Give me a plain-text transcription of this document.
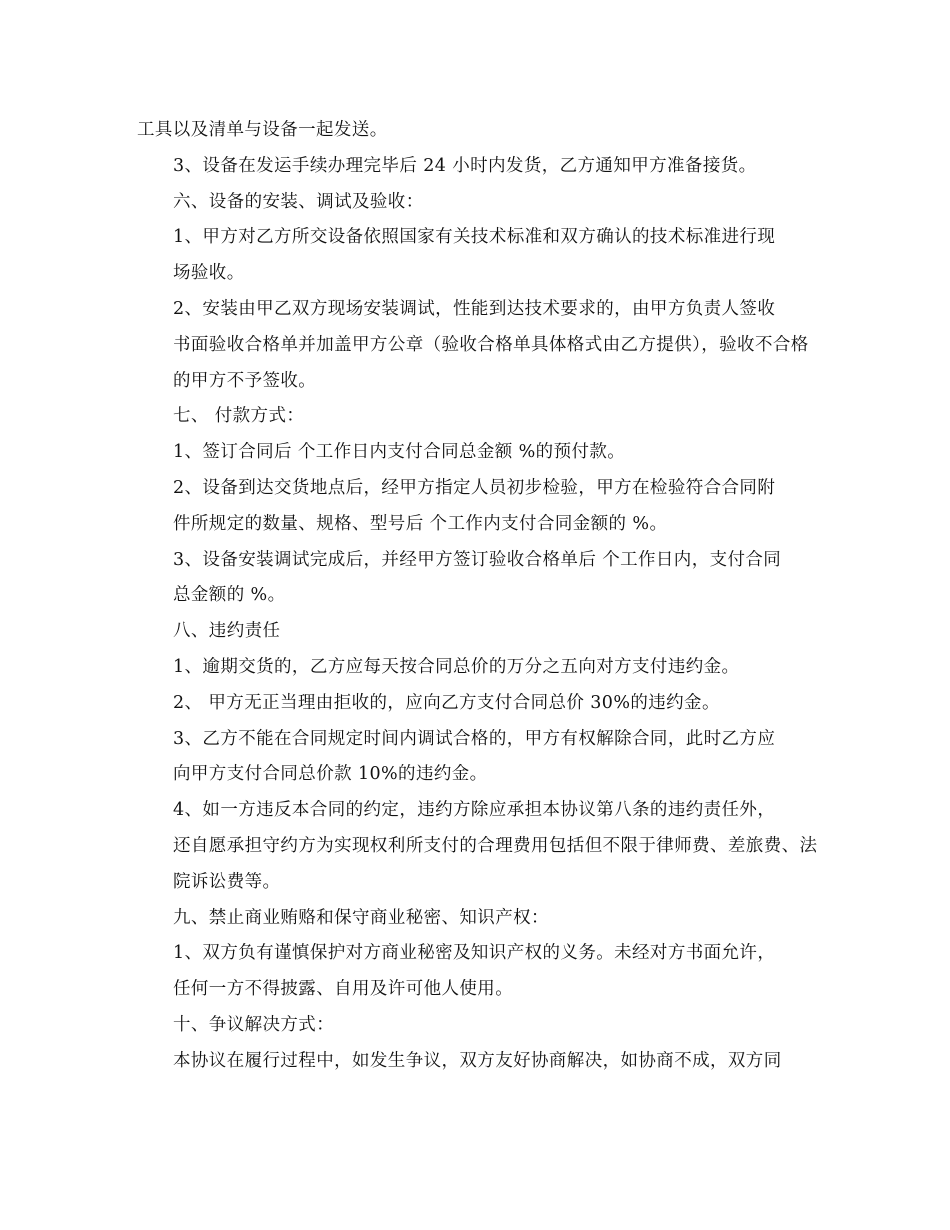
工具以及清单与设备一起发送。
3、设备在发运手续办理完毕后 24 小时内发货，乙方通知甲方准备接货。
六、设备的安装、调试及验收：
1、甲方对乙方所交设备依照国家有关技术标准和双方确认的技术标准进行现
场验收。
2、安装由甲乙双方现场安装调试，性能到达技术要求的，由甲方负责人签收
书面验收合格单并加盖甲方公章（验收合格单具体格式由乙方提供），验收不合格
的甲方不予签收。
七、 付款方式：
1、签订合同后 个工作日内支付合同总金额 %的预付款。
2、设备到达交货地点后，经甲方指定人员初步检验，甲方在检验符合合同附
件所规定的数量、规格、型号后 个工作内支付合同金额的 %。
3、设备安装调试完成后，并经甲方签订验收合格单后 个工作日内，支付合同
总金额的 %。
八、违约责任
1、逾期交货的，乙方应每天按合同总价的万分之五向对方支付违约金。
2、 甲方无正当理由拒收的，应向乙方支付合同总价 30%的违约金。
3、乙方不能在合同规定时间内调试合格的，甲方有权解除合同，此时乙方应
向甲方支付合同总价款 10%的违约金。
4、如一方违反本合同的约定，违约方除应承担本协议第八条的违约责任外，
还自愿承担守约方为实现权利所支付的合理费用包括但不限于律师费、差旅费、法
院诉讼费等。
九、禁止商业贿赂和保守商业秘密、知识产权：
1、双方负有谨慎保护对方商业秘密及知识产权的义务。未经对方书面允许，
任何一方不得披露、自用及许可他人使用。
十、争议解决方式：
本协议在履行过程中，如发生争议，双方友好协商解决，如协商不成，双方同
